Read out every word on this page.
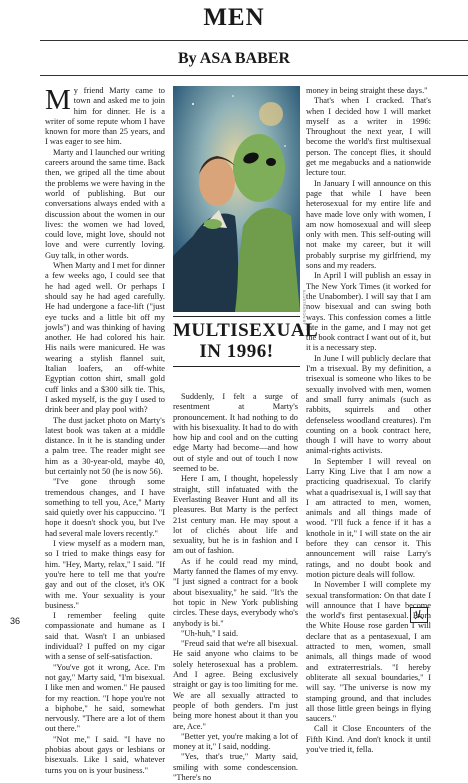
MEN
By ASA BABER

My friend Marty came to town and asked me to join him for dinner. He is a writer of some repute whom I have known for more than 25 years, and I was eager to see him.

Marty and I launched our writing careers around the same time. Back then, we griped all the time about the problems we were having in the world of publishing. But our conversations always ended with a discussion about the women in our lives: the women we had loved, could love, might love, should not love and were currently loving. Guy talk, in other words.

When Marty and I met for dinner a few weeks ago, I could see that he had aged well. Or perhaps I should say he had aged carefully. He had undergone a face-lift ("just eye tucks and a little bit off my jowls") and was thinking of having another. He had colored his hair. His nails were manicured. He was wearing a stylish flannel suit, Italian loafers, an off-white Egyptian cotton shirt, small gold cuff links and a $300 silk tie. This, I asked myself, is the guy I used to drink beer and play pool with?

The dust jacket photo on Marty's latest book was taken at a middle distance. In it he is standing under a palm tree. The reader might see him as a 30-year-old, maybe 40, but certainly not 50 (he is now 56).

"I've gone through some tremendous changes, and I have something to tell you, Ace," Marty said quietly over his cappuccino. "I hope it doesn't shock you, but I've had several male lovers recently."

I view myself as a modern man, so I tried to make things easy for him. "Hey, Marty, relax," I said. "If you're here to tell me that you're gay and out of the closet, it's OK with me. Your sexuality is your business."

I remember feeling quite compassionate and humane as I said that. Wasn't I an unbiased individual? I puffed on my cigar with a sense of self-satisfaction.

"You've got it wrong, Ace. I'm not gay," Marty said, "I'm bisexual. I like men and women." He paused for my reaction. "I hope you're not a biphobe," he said, somewhat nervously. "There are a lot of them out there."

"Not me," I said. "I have no phobias about gays or lesbians or bisexuals. Like I said, whatever turns you on is your business."

ILLUSTRATION BY
MULTISEXUAL
IN 1996!

Suddenly, I felt a surge of resentment at Marty's pronouncement. It had nothing to do with his bisexuality. It had to do with how hip and cool and on the cutting edge Marty had become—and how out of style and out of touch I now seemed to be.

Here I am, I thought, hopelessly straight, still infatuated with the Everlasting Beaver Hunt and all its pleasures. But Marty is the perfect 21st century man. He may spout a lot of clichés about life and sexuality, but he is in fashion and I am out of fashion.

As if he could read my mind, Marty fanned the flames of my envy. "I just signed a contract for a book about bisexuality," he said. "It's the hot topic in New York publishing circles. These days, everybody who's anybody is bi."

"Uh-huh," I said.

"Freud said that we're all bisexual. He said anyone who claims to be solely heterosexual has a problem. And I agree. Being exclusively straight or gay is too limiting for me. We are all sexually attracted to people of both genders. I'm just being more honest about it than you are, Ace."

"Better yet, you're making a lot of money at it," I said, nodding.

"Yes, that's true," Marty said, smiling with some condescension. "There's no

money in being straight these days."

That's when I cracked. That's when I decided how I will market myself as a writer in 1996: Throughout the next year, I will become the world's first multisexual person. The concept flies, it should get me megabucks and a nationwide lecture tour.

In January I will announce on this page that while I have been heterosexual for my entire life and have made love only with women, I am now homosexual and will sleep only with men. This self-outing will not make my career, but it will probably surprise my girlfriend, my sons and my readers.

In April I will publish an essay in The New York Times (it worked for the Unabomber). I will say that I am now bisexual and can swing both ways. This confession comes a little late in the game, and I may not get the book contract I want out of it, but it is a necessary step.

In June I will publicly declare that I'm a trisexual. By my definition, a trisexual is someone who likes to be sexually involved with men, women and small furry animals (such as rabbits, squirrels and other defenseless woodland creatures). I'm counting on a book contract here, though I will have to worry about animal-rights activists.

In September I will reveal on Larry King Live that I am now a practicing quadrisexual. To clarify what a quadrisexual is, I will say that I am attracted to men, women, animals and all things made of wood. "I'll fuck a fence if it has a knothole in it," I will state on the air before they can censor it. This announcement will raise Larry's ratings, and no doubt book and motion picture deals will follow.

In November I will complete my sexual transformation: On that date I will announce that I have become the world's first pentasexual. From the White House rose garden I will declare that as a pentasexual, I am attracted to men, women, small animals, all things made of wood and extraterrestrials. "I hereby obliterate all sexual boundaries," I will say. "The universe is now my stamping ground, and that includes all those little green beings in flying saucers."

Call it Close Encounters of the Fifth Kind. And don't knock it until you've tried it, fella.

36
